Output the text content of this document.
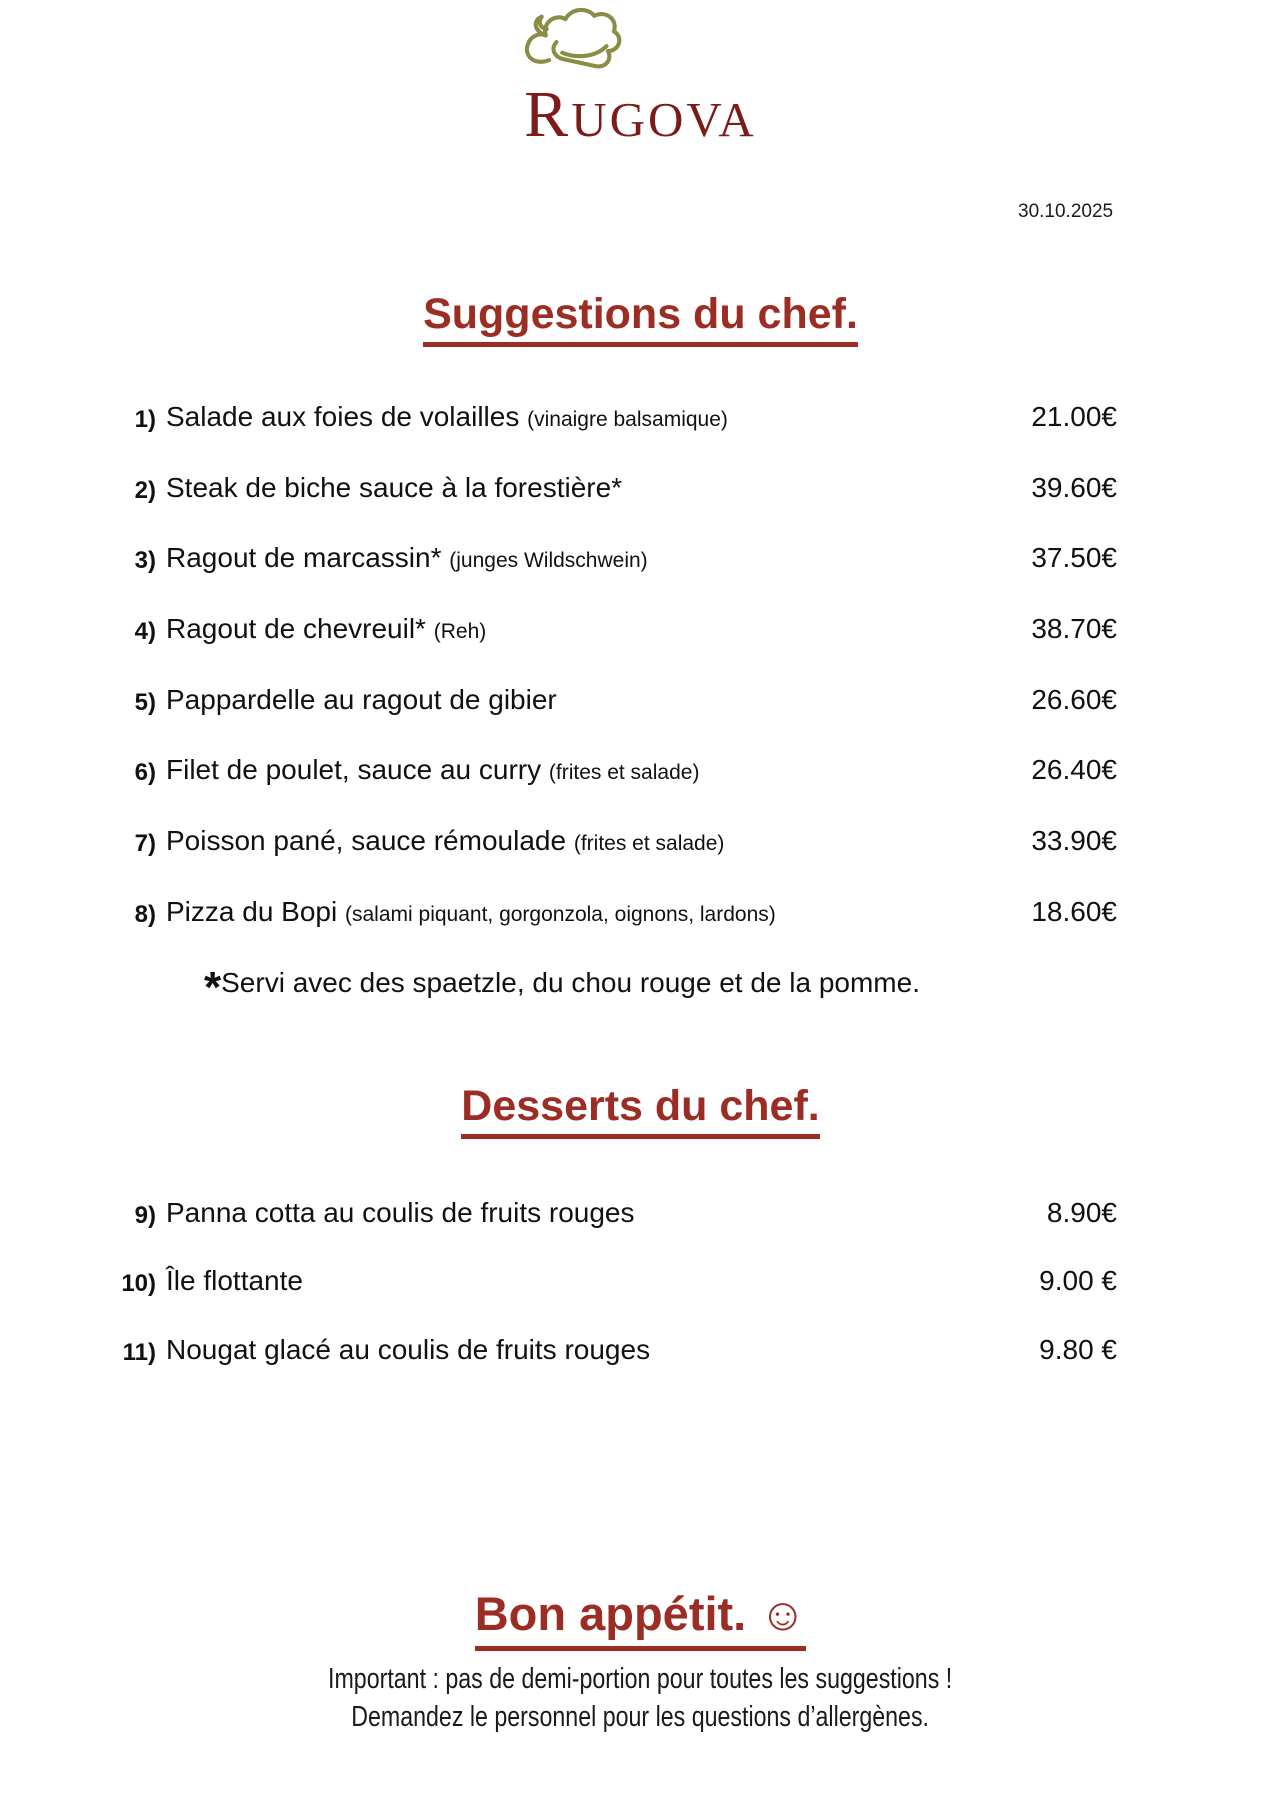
RUGOVA
30.10.2025
Suggestions du chef.
1) Salade aux foies de volailles (vinaigre balsamique)	21.00€
2) Steak de biche sauce à la forestière*	39.60€
3) Ragout de marcassin* (junges Wildschwein)	37.50€
4) Ragout de chevreuil* (Reh)	38.70€
5) Pappardelle au ragout de gibier	26.60€
6) Filet de poulet, sauce au curry (frites et salade)	26.40€
7) Poisson pané, sauce rémoulade (frites et salade)	33.90€
8) Pizza du Bopi (salami piquant, gorgonzola, oignons, lardons)	18.60€
*Servi avec des spaetzle, du chou rouge et de la pomme.
Desserts du chef.
9) Panna cotta au coulis de fruits rouges	8.90€
10) Île flottante	9.00 €
11) Nougat glacé au coulis de fruits rouges	9.80 €
Bon appétit. ☺
Important : pas de demi-portion pour toutes les suggestions !
Demandez le personnel pour les questions d’allergènes.
